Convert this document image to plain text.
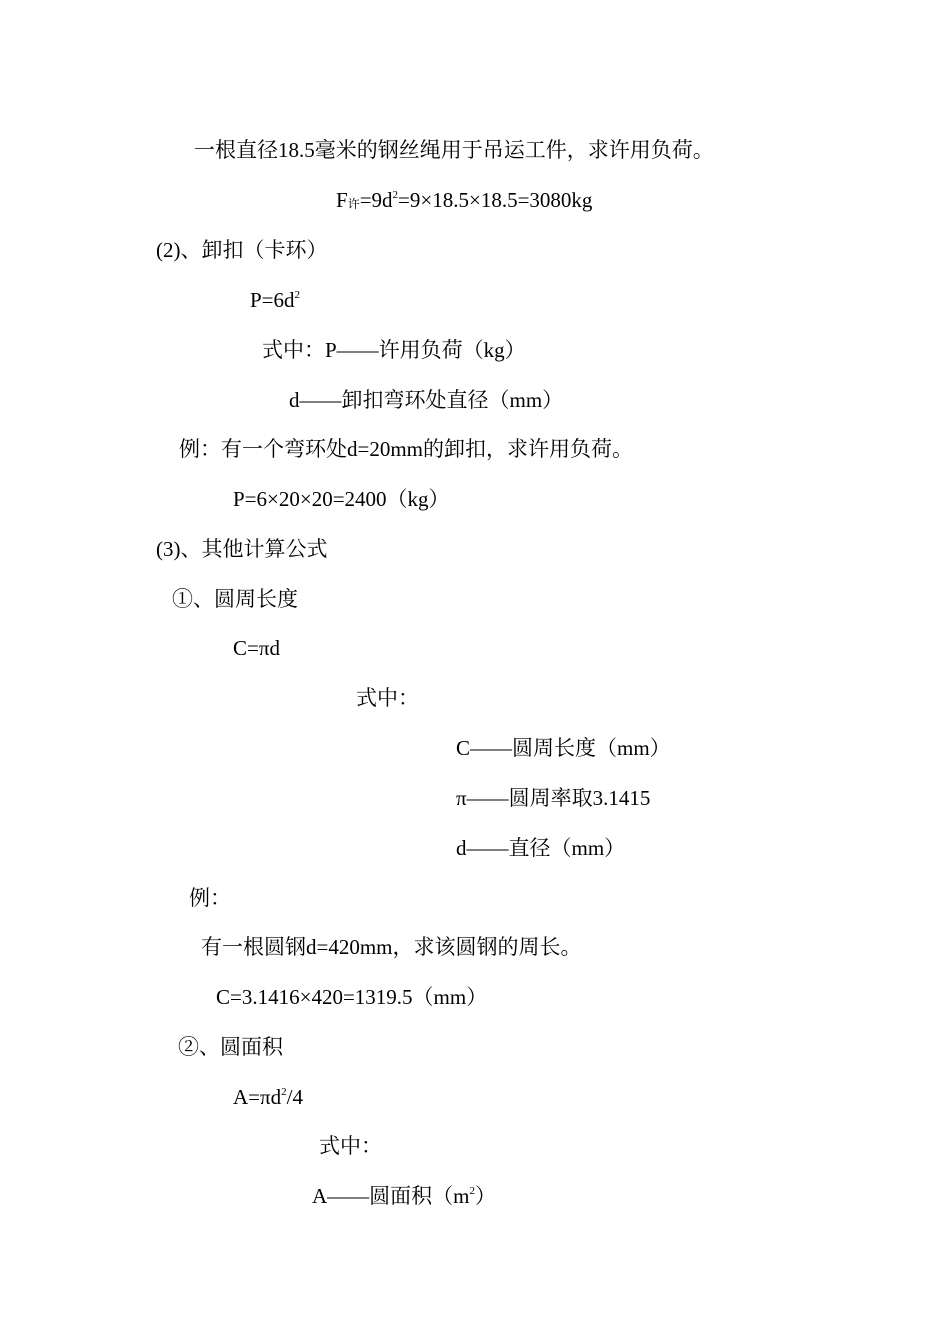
一根直径18.5毫米的钢丝绳用于吊运工件，求许用负荷。
$F_许=9d^2=9\times 18.5\times 18.5=3080kg$
(2)、卸扣（卡环）
$P=6d^2$
式中：P——许用负荷（kg）
d——卸扣弯环处直径（mm）
例：有一个弯环处d=20mm的卸扣，求许用负荷。
P=6×20×20=2400（kg）
(3)、其他计算公式
①、圆周长度
C=πd
式中：
C——圆周长度（mm）
π——圆周率取3.1415
d——直径（mm）
例：
有一根圆钢d=420mm，求该圆钢的周长。
C=3.1416×420=1319.5（mm）
②、圆面积
$A=\pi d^2/4$
式中：
A——圆面积$(m^2)$
